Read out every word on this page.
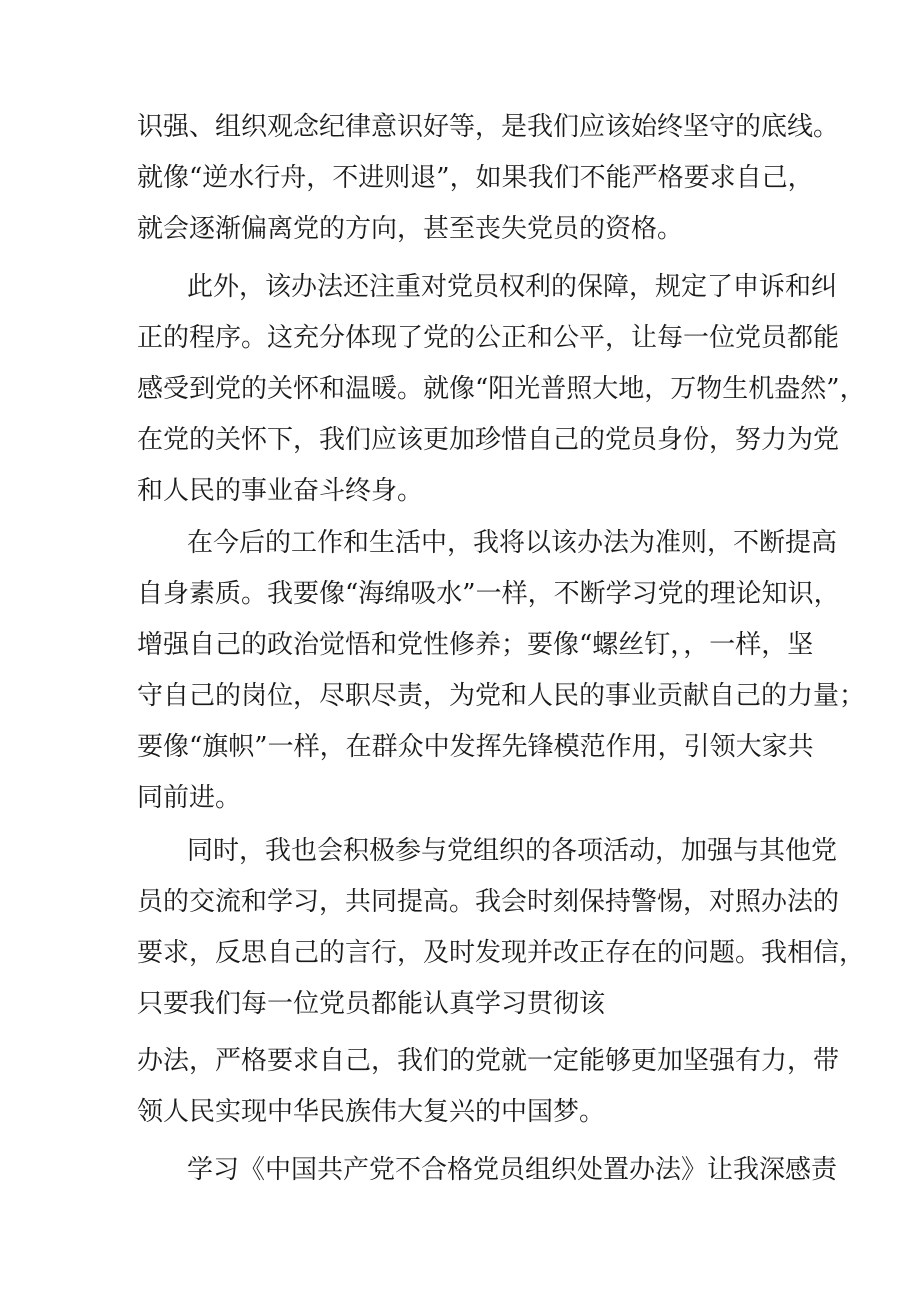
识强、组织观念纪律意识好等，是我们应该始终坚守的底线。
就像“逆水行舟，不进则退”，如果我们不能严格要求自己，
就会逐渐偏离党的方向，甚至丧失党员的资格。
此外，该办法还注重对党员权利的保障，规定了申诉和纠
正的程序。这充分体现了党的公正和公平，让每一位党员都能
感受到党的关怀和温暖。就像“阳光普照大地，万物生机盎然”，
在党的关怀下，我们应该更加珍惜自己的党员身份，努力为党
和人民的事业奋斗终身。
在今后的工作和生活中，我将以该办法为准则，不断提高
自身素质。我要像“海绵吸水”一样，不断学习党的理论知识，
增强自己的政治觉悟和党性修养；要像“螺丝钉，，一样，坚
守自己的岗位，尽职尽责，为党和人民的事业贡献自己的力量；
要像“旗帜”一样，在群众中发挥先锋模范作用，引领大家共
同前进。
同时，我也会积极参与党组织的各项活动，加强与其他党
员的交流和学习，共同提高。我会时刻保持警惕，对照办法的
要求，反思自己的言行，及时发现并改正存在的问题。我相信，
只要我们每一位党员都能认真学习贯彻该
办法，严格要求自己，我们的党就一定能够更加坚强有力，带
领人民实现中华民族伟大复兴的中国梦。
学习《中国共产党不合格党员组织处置办法》让我深感责
